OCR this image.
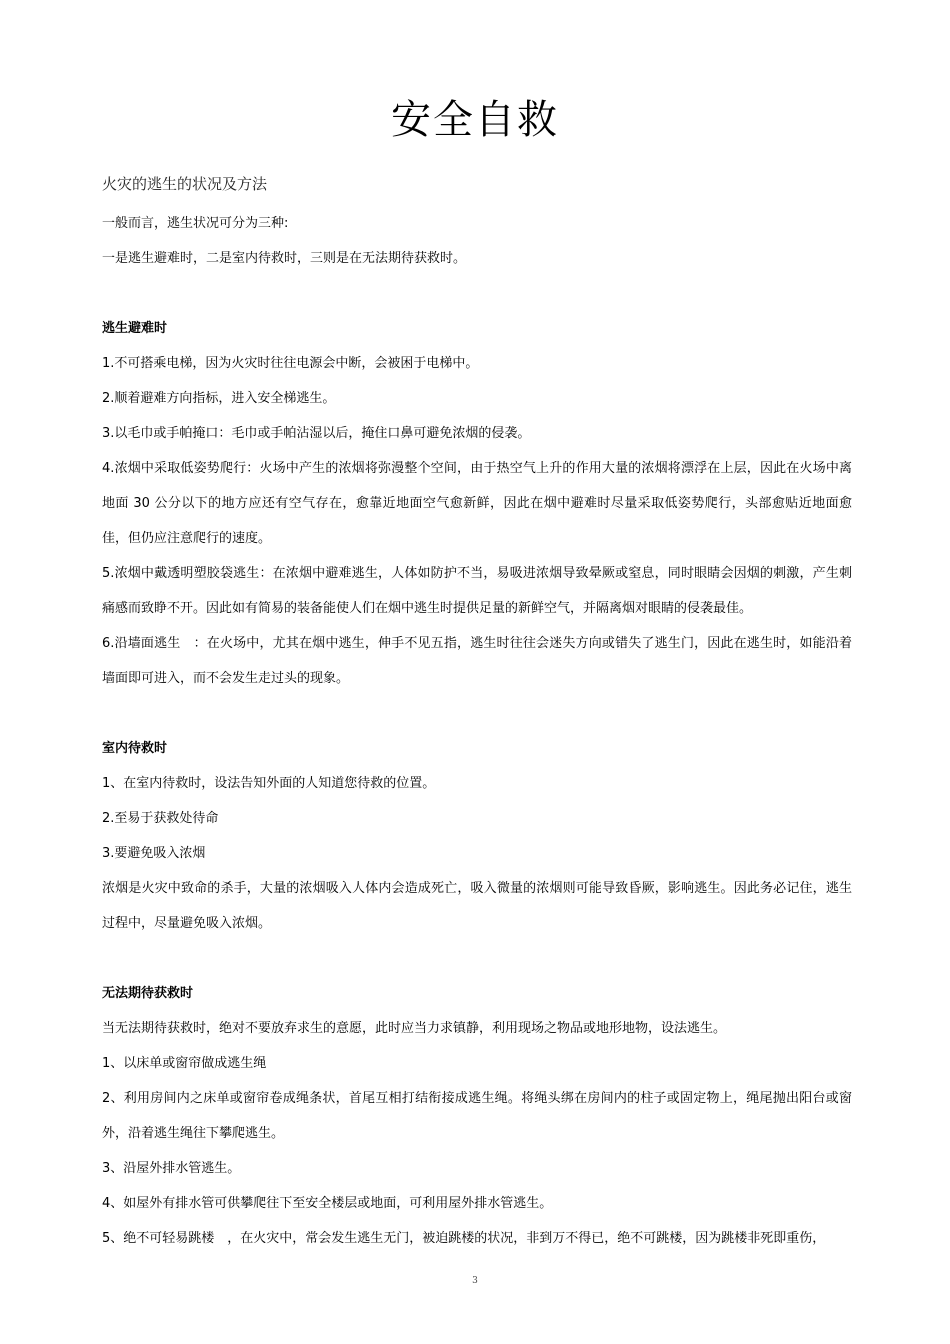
安全自救
火灾的逃生的状况及方法

一般而言，逃生状况可分为三种:

一是逃生避难时，二是室内待救时，三则是在无法期待获救时。

逃生避难时

1.不可搭乘电梯，因为火灾时往往电源会中断，会被困于电梯中。

2.顺着避难方向指标，进入安全梯逃生。

3.以毛巾或手帕掩口：毛巾或手帕沾湿以后，掩住口鼻可避免浓烟的侵袭。

4.浓烟中采取低姿势爬行：火场中产生的浓烟将弥漫整个空间，由于热空气上升的作用大量的浓烟将漂浮在上层，因此在火场中离地面 30 公分以下的地方应还有空气存在，愈靠近地面空气愈新鲜，因此在烟中避难时尽量采取低姿势爬行，头部愈贴近地面愈佳，但仍应注意爬行的速度。

5.浓烟中戴透明塑胶袋逃生：在浓烟中避难逃生，人体如防护不当，易吸进浓烟导致晕厥或窒息，同时眼睛会因烟的刺激，产生刺痛感而致睁不开。因此如有简易的装备能使人们在烟中逃生时提供足量的新鲜空气，并隔离烟对眼睛的侵袭最佳。

6.沿墙面逃生　：在火场中，尤其在烟中逃生，伸手不见五指，逃生时往往会迷失方向或错失了逃生门，因此在逃生时，如能沿着墙面即可进入，而不会发生走过头的现象。

室内待救时

1、在室内待救时，设法告知外面的人知道您待救的位置。

2.至易于获救处待命

3.要避免吸入浓烟

浓烟是火灾中致命的杀手，大量的浓烟吸入人体内会造成死亡，吸入微量的浓烟则可能导致昏厥，影响逃生。因此务必记住，逃生过程中，尽量避免吸入浓烟。

无法期待获救时

当无法期待获救时，绝对不要放弃求生的意愿，此时应当力求镇静，利用现场之物品或地形地物，设法逃生。

1、以床单或窗帘做成逃生绳

2、利用房间内之床单或窗帘卷成绳条状，首尾互相打结衔接成逃生绳。将绳头绑在房间内的柱子或固定物上，绳尾抛出阳台或窗外，沿着逃生绳往下攀爬逃生。

3、沿屋外排水管逃生。

4、如屋外有排水管可供攀爬往下至安全楼层或地面，可利用屋外排水管逃生。

5、绝不可轻易跳楼　，在火灾中，常会发生逃生无门，被迫跳楼的状况，非到万不得已，绝不可跳楼，因为跳楼非死即重伤，

3
